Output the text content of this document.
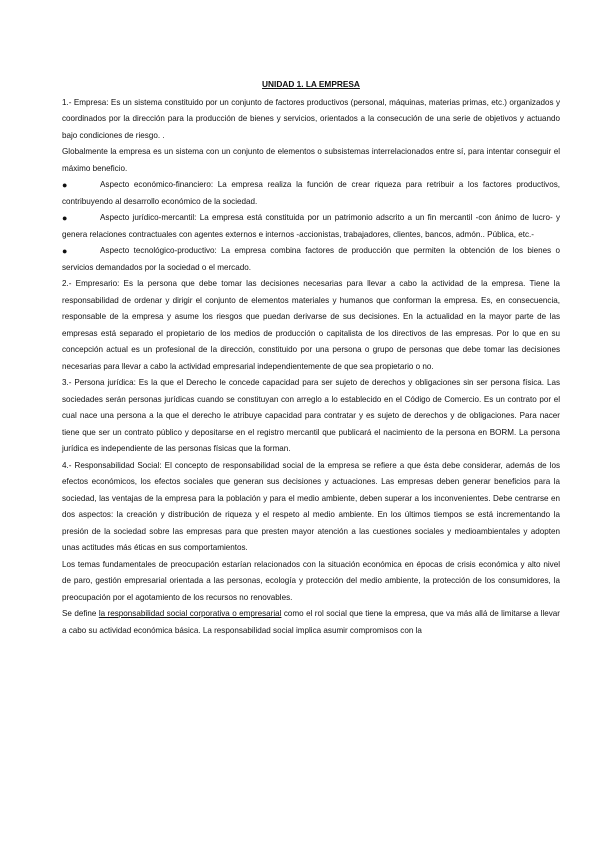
UNIDAD 1. LA EMPRESA

1.- Empresa: Es un sistema constituido por un conjunto de factores productivos (personal, máquinas, materias primas, etc.) organizados y coordinados por la dirección para la producción de bienes y servicios, orientados a la consecución de una serie de objetivos y actuando bajo condiciones de riesgo. .

Globalmente la empresa es un sistema con un conjunto de elementos o subsistemas interrelacionados entre sí, para intentar conseguir el máximo beneficio.

●	Aspecto económico-financiero: La empresa realiza la función de crear riqueza para retribuir a los factores productivos, contribuyendo al desarrollo económico de la sociedad.

●	Aspecto jurídico-mercantil: La empresa está constituida por un patrimonio adscrito a un fin mercantil -con ánimo de lucro- y genera relaciones contractuales con agentes externos e internos -accionistas, trabajadores, clientes, bancos, admón.. Pública, etc.-

●	Aspecto tecnológico-productivo: La empresa combina factores de producción que permiten la obtención de los bienes o servicios demandados por la sociedad o el mercado.

2.- Empresario: Es la persona que debe tomar las decisiones necesarias para llevar a cabo la actividad de la empresa. Tiene la responsabilidad de ordenar y dirigir el conjunto de elementos materiales y humanos que conforman la empresa. Es, en consecuencia, responsable de la empresa y asume los riesgos que puedan derivarse de sus decisiones. En la actualidad en la mayor parte de las empresas está separado el propietario de los medios de producción o capitalista de los directivos de las empresas. Por lo que en su concepción actual es un profesional de la dirección, constituido por una persona o grupo de personas que debe tomar las decisiones necesarias para llevar a cabo la actividad empresarial independientemente de que sea propietario o no.

3.- Persona jurídica: Es la que el Derecho le concede capacidad para ser sujeto de derechos y obligaciones sin ser persona física. Las sociedades serán personas jurídicas cuando se constituyan con arreglo a lo establecido en el Código de Comercio. Es un contrato por el cual nace una persona a la que el derecho le atribuye capacidad para contratar y es sujeto de derechos y de obligaciones. Para nacer tiene que ser un contrato público y depositarse en el registro mercantil que publicará el nacimiento de la persona en BORM. La persona jurídica es independiente de las personas físicas que la forman.

4.- Responsabilidad Social: El concepto de responsabilidad social de la empresa se refiere a que ésta debe considerar, además de los efectos económicos, los efectos sociales que generan sus decisiones y actuaciones. Las empresas deben generar beneficios para la sociedad, las ventajas de la empresa para la población y para el medio ambiente, deben superar a los inconvenientes. Debe centrarse en dos aspectos: la creación y distribución de riqueza y el respeto al medio ambiente. En los últimos tiempos se está incrementando la presión de la sociedad sobre las empresas para que presten mayor atención a las cuestiones sociales y medioambientales y adopten unas actitudes más éticas en sus comportamientos.

Los temas fundamentales de preocupación estarían relacionados con la situación económica en épocas de crisis económica y alto nivel de paro, gestión empresarial orientada a las personas, ecología y protección del medio ambiente, la protección de los consumidores, la preocupación por el agotamiento de los recursos no renovables.

Se define la responsabilidad social corporativa o empresarial como el rol social que tiene la empresa, que va más allá de limitarse a llevar a cabo su actividad económica básica. La responsabilidad social implica asumir compromisos con la
